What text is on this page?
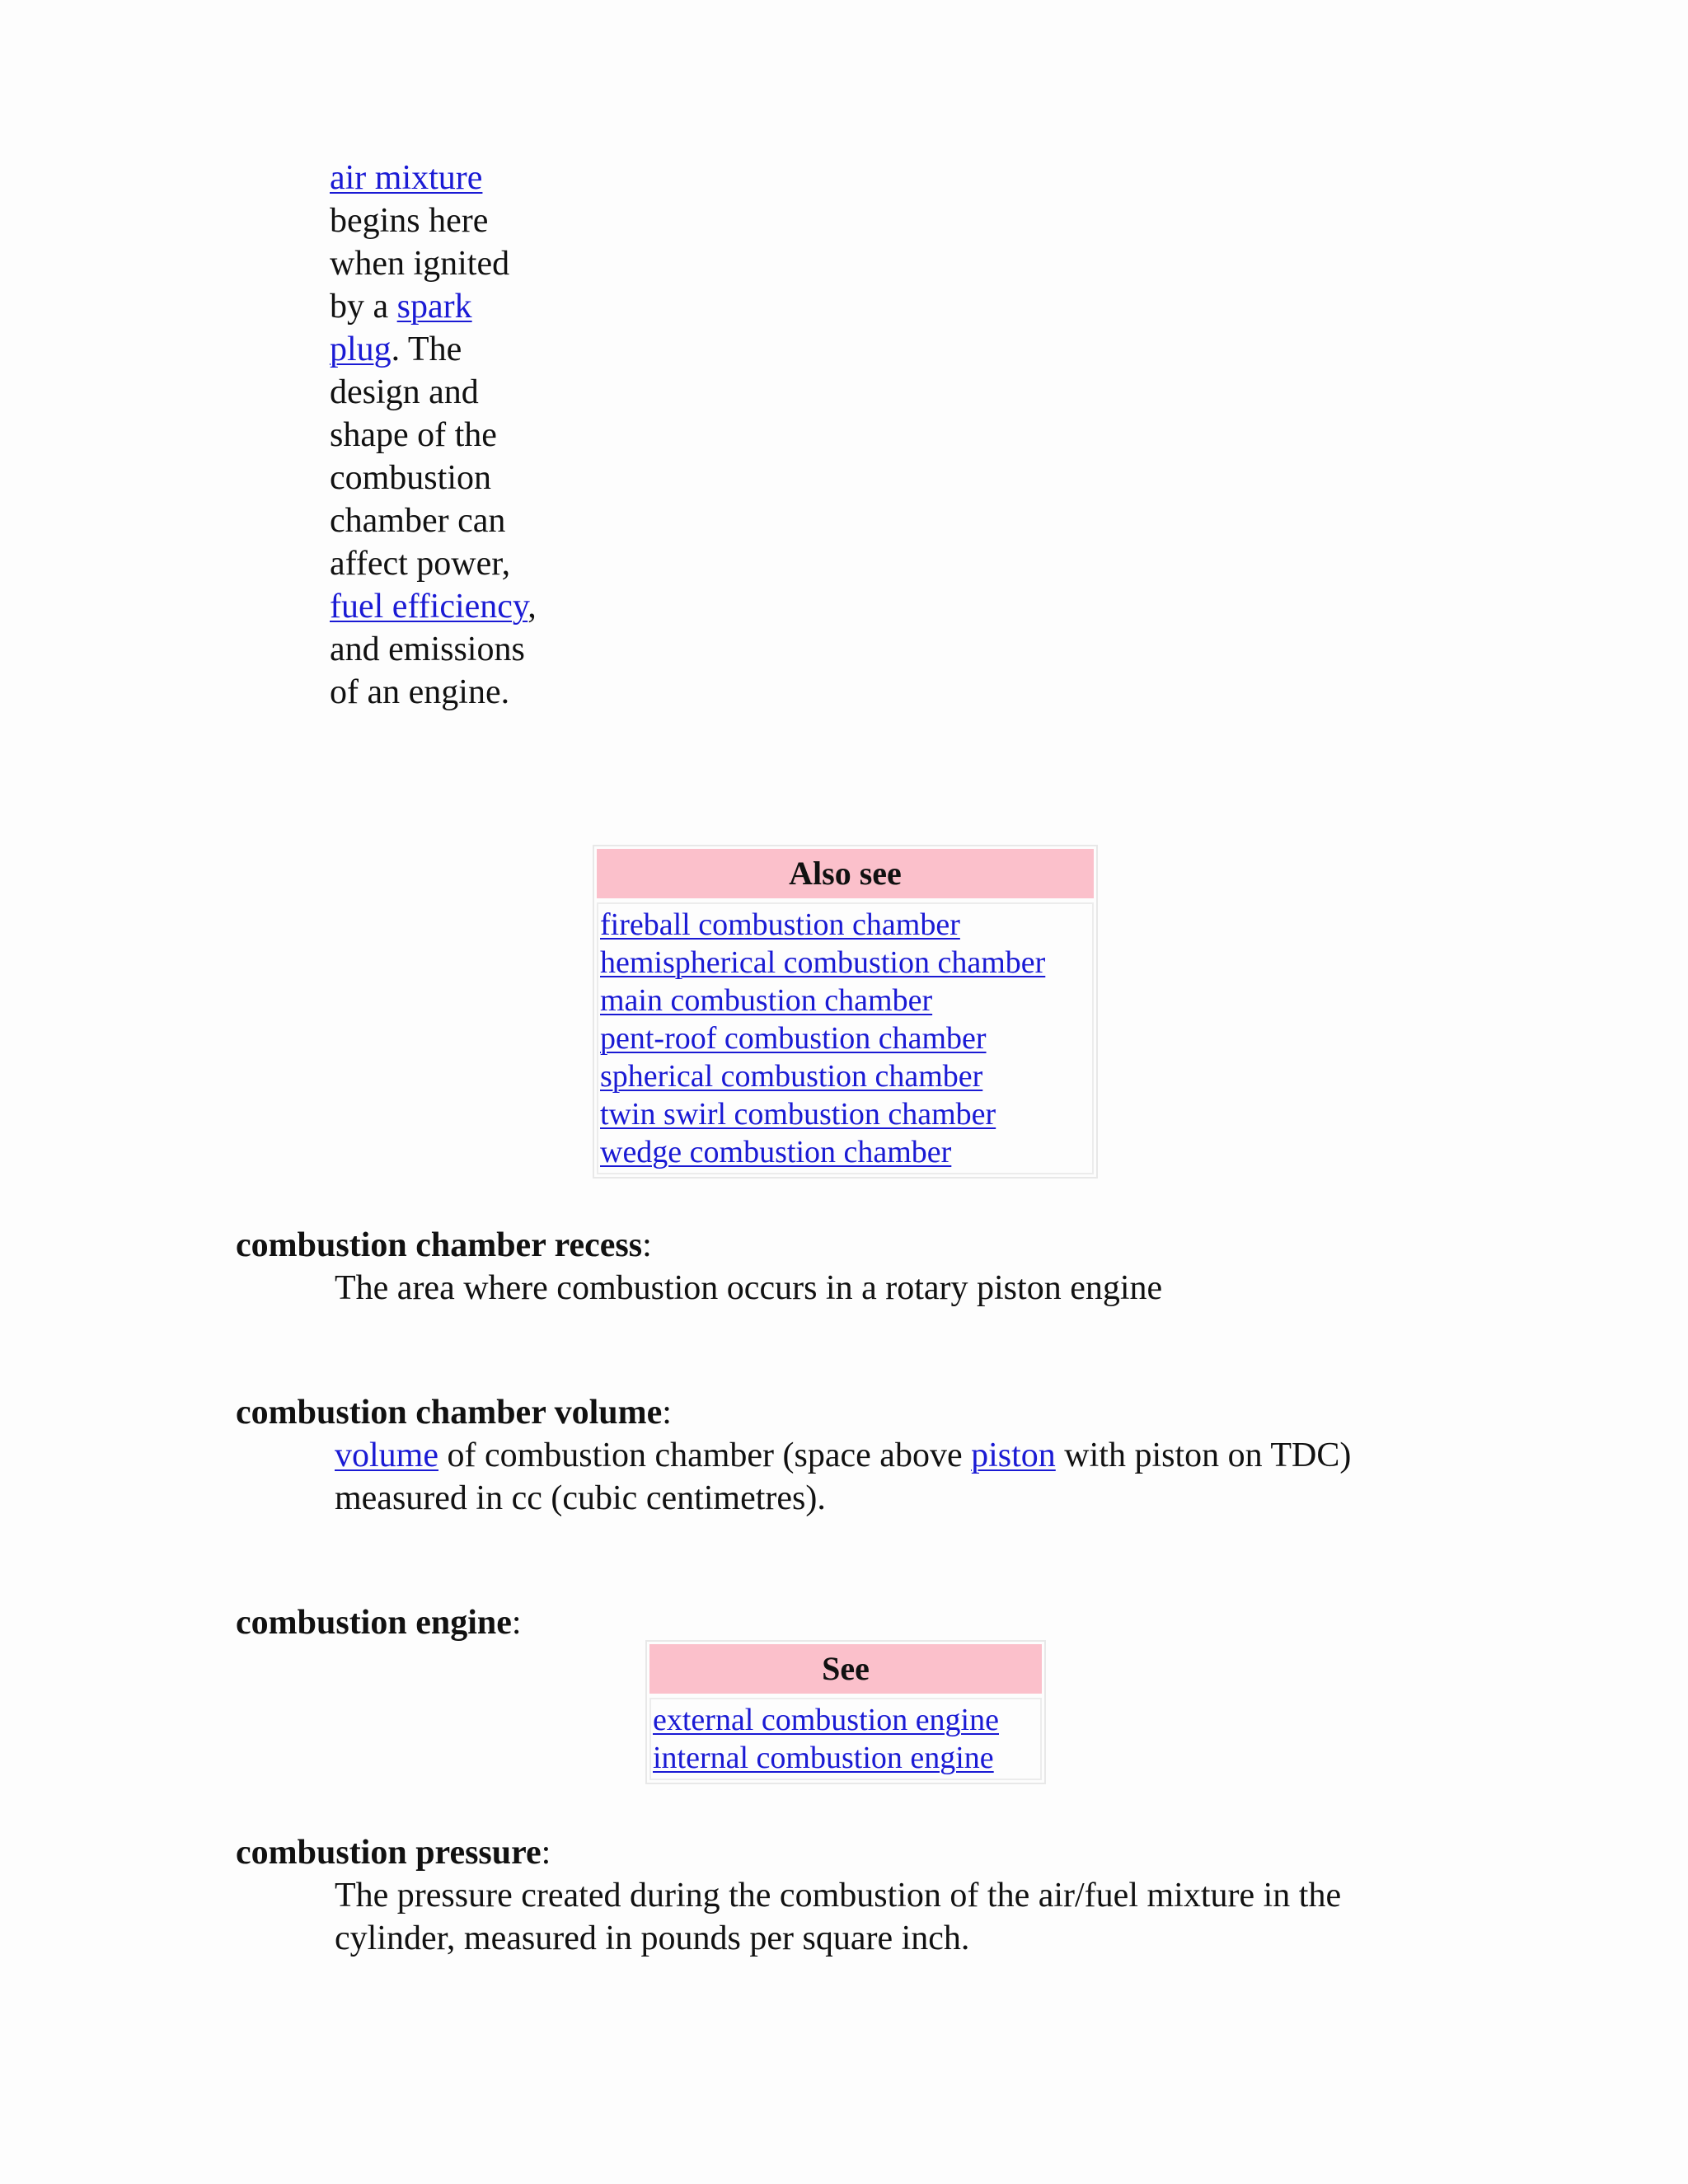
air mixture begins here when ignited by a spark plug. The design and shape of the combustion chamber can affect power, fuel efficiency, and emissions of an engine.
Also see
fireball combustion chamber
hemispherical combustion chamber
main combustion chamber
pent-roof combustion chamber
spherical combustion chamber
twin swirl combustion chamber
wedge combustion chamber
combustion chamber recess:
The area where combustion occurs in a rotary piston engine
combustion chamber volume:
volume of combustion chamber (space above piston with piston on TDC) measured in cc (cubic centimetres).
combustion engine:
See
external combustion engine
internal combustion engine
combustion pressure:
The pressure created during the combustion of the air/fuel mixture in the cylinder, measured in pounds per square inch.
